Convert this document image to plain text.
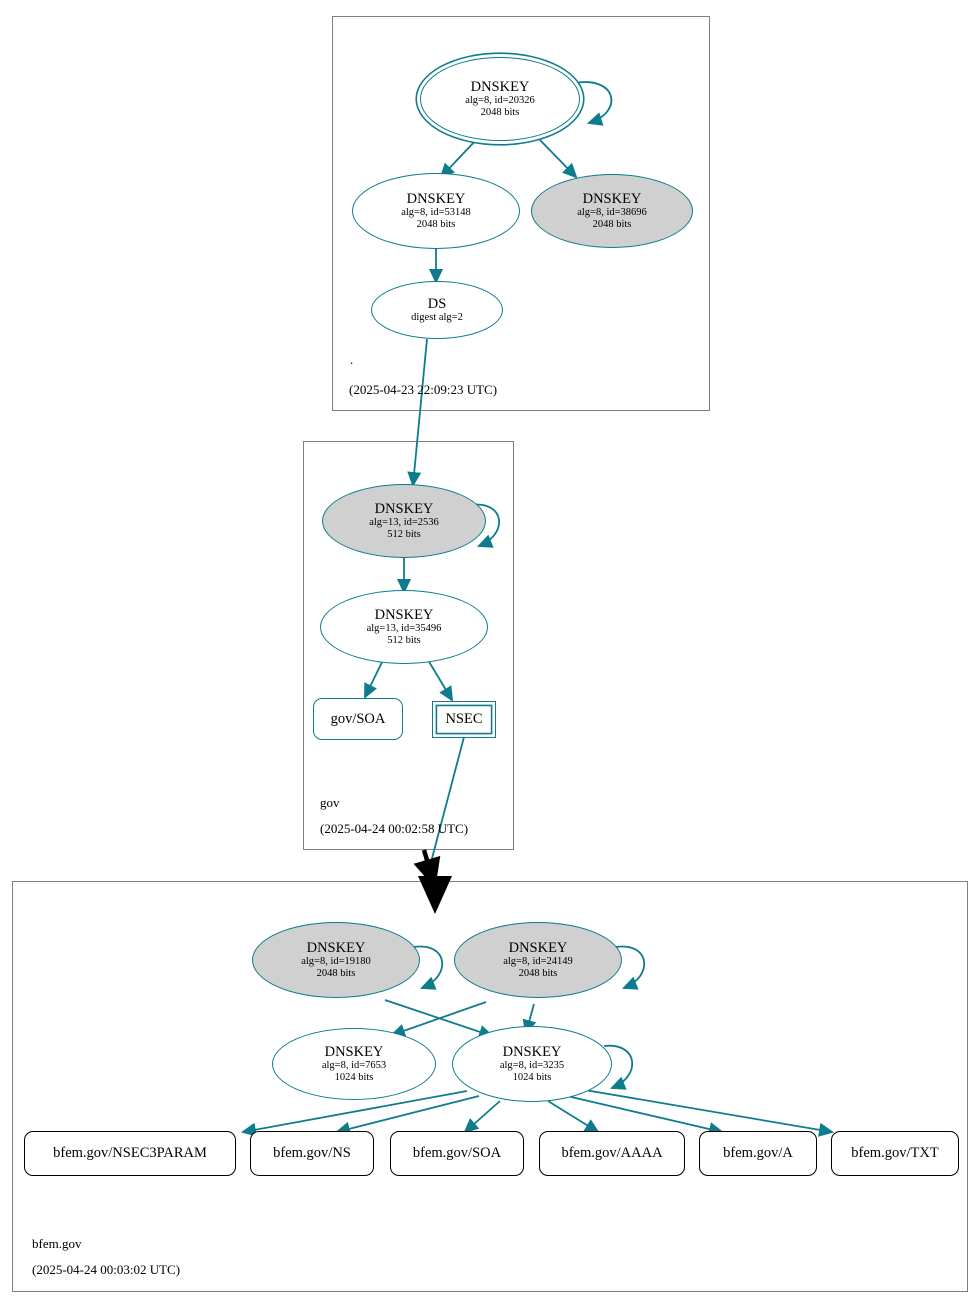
DNSKEY
alg=8, id=20326
2048 bits
DNSKEY
alg=8, id=53148
2048 bits
DNSKEY
alg=8, id=38696
2048 bits
DS
digest alg=2
.
(2025-04-23 22:09:23 UTC)
DNSKEY
alg=13, id=2536
512 bits
DNSKEY
alg=13, id=35496
512 bits
gov/SOA	NSEC
gov
(2025-04-24 00:02:58 UTC)
DNSKEY
alg=8, id=19180
2048 bits
DNSKEY
alg=8, id=24149
2048 bits
DNSKEY
alg=8, id=7653
1024 bits
DNSKEY
alg=8, id=3235
1024 bits
bfem.gov/NSEC3PARAM	bfem.gov/NS	bfem.gov/SOA	bfem.gov/AAAA	bfem.gov/A	bfem.gov/TXT
bfem.gov
(2025-04-24 00:03:02 UTC)
